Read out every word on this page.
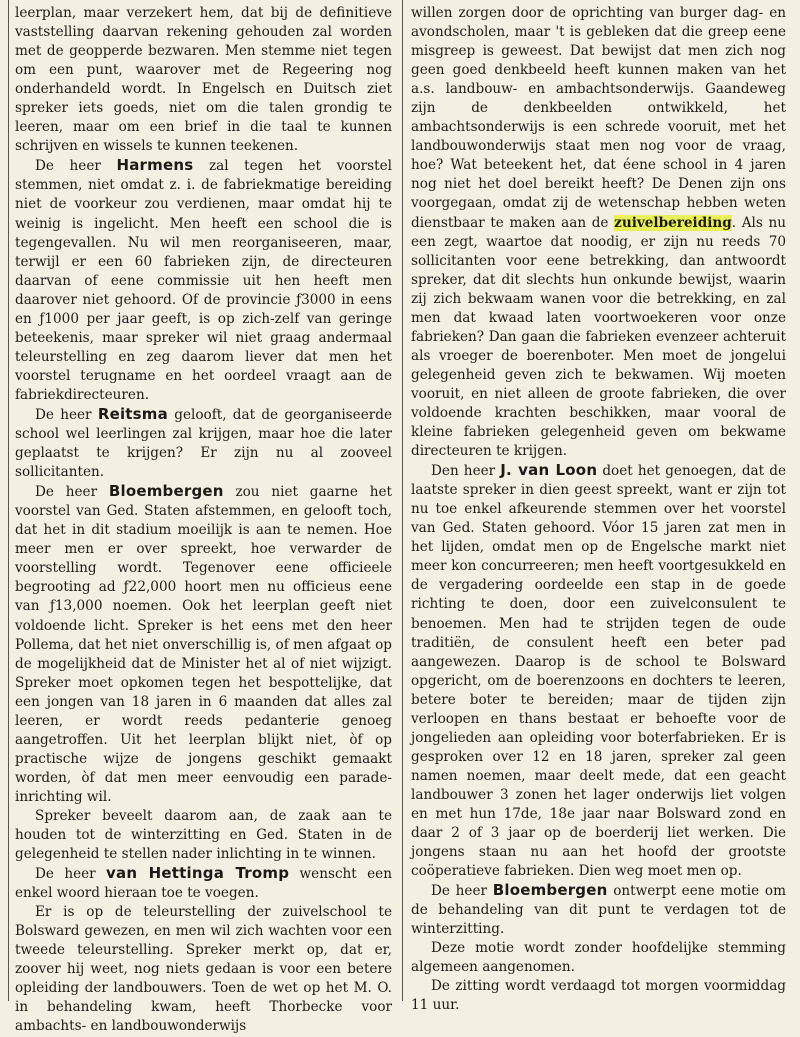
leerplan, maar verzekert hem, dat bij de definitieve vaststelling daarvan rekening gehouden zal worden met de geopperde bezwaren. Men stemme niet tegen om een punt, waarover met de Regeering nog onderhandeld wordt. In Engelsch en Duitsch ziet spreker iets goeds, niet om die talen grondig te leeren, maar om een brief in die taal te kunnen schrijven en wissels te kunnen teekenen.

De heer Harmens zal tegen het voorstel stemmen, niet omdat z. i. de fabriekmatige bereiding niet de voorkeur zou verdienen, maar omdat hij te weinig is ingelicht. Men heeft een school die is tegengevallen. Nu wil men reorganiseeren, maar, terwijl er een 60 fabrieken zijn, de directeuren daarvan of eene commissie uit hen heeft men daarover niet gehoord. Of de provincie ƒ3000 in eens en ƒ1000 per jaar geeft, is op zich-zelf van geringe beteekenis, maar spreker wil niet graag andermaal teleurstelling en zeg daarom liever dat men het voorstel terugname en het oordeel vraagt aan de fabriekdirecteuren.

De heer Reitsma gelooft, dat de georganiseerde school wel leerlingen zal krijgen, maar hoe die later geplaatst te krijgen? Er zijn nu al zooveel sollicitanten.

De heer Bloembergen zou niet gaarne het voorstel van Ged. Staten afstemmen, en gelooft toch, dat het in dit stadium moeilijk is aan te nemen. Hoe meer men er over spreekt, hoe verwarder de voorstelling wordt. Tegenover eene officieele begrooting ad ƒ22,000 hoort men nu officieus eene van ƒ13,000 noemen. Ook het leerplan geeft niet voldoende licht. Spreker is het eens met den heer Pollema, dat het niet onverschillig is, of men afgaat op de mogelijkheid dat de Minister het al of niet wijzigt. Spreker moet opkomen tegen het bespottelijke, dat een jongen van 18 jaren in 6 maanden dat alles zal leeren, er wordt reeds pedanterie genoeg aangetroffen. Uit het leerplan blijkt niet, òf op practische wijze de jongens geschikt gemaakt worden, òf dat men meer eenvoudig een parade-inrichting wil.

Spreker beveelt daarom aan, de zaak aan te houden tot de winterzitting en Ged. Staten in de gelegenheid te stellen nader inlichting in te winnen.

De heer van Hettinga Tromp wenscht een enkel woord hieraan toe te voegen.

Er is op de teleurstelling der zuivelschool te Bolsward gewezen, en men wil zich wachten voor een tweede teleurstelling. Spreker merkt op, dat er, zoover hij weet, nog niets gedaan is voor een betere opleiding der landbouwers. Toen de wet op het M. O. in behandeling kwam, heeft Thorbecke voor ambachts- en landbouwonderwijs

willen zorgen door de oprichting van burger dag- en avondscholen, maar 't is gebleken dat die greep eene misgreep is geweest. Dat bewijst dat men zich nog geen goed denkbeeld heeft kunnen maken van het a.s. landbouw- en ambachtsonderwijs. Gaandeweg zijn de denkbeelden ontwikkeld, het ambachtsonderwijs is een schrede vooruit, met het landbouwonderwijs staat men nog voor de vraag, hoe? Wat beteekent het, dat éene school in 4 jaren nog niet het doel bereikt heeft? De Denen zijn ons voorgegaan, omdat zij de wetenschap hebben weten dienstbaar te maken aan de zuivelbereiding. Als nu een zegt, waartoe dat noodig, er zijn nu reeds 70 sollicitanten voor eene betrekking, dan antwoordt spreker, dat dit slechts hun onkunde bewijst, waarin zij zich bekwaam wanen voor die betrekking, en zal men dat kwaad laten voortwoekeren voor onze fabrieken? Dan gaan die fabrieken evenzeer achteruit als vroeger de boerenboter. Men moet de jongelui gelegenheid geven zich te bekwamen. Wij moeten vooruit, en niet alleen de groote fabrieken, die over voldoende krachten beschikken, maar vooral de kleine fabrieken gelegenheid geven om bekwame directeuren te krijgen.

Den heer J. van Loon doet het genoegen, dat de laatste spreker in dien geest spreekt, want er zijn tot nu toe enkel afkeurende stemmen over het voorstel van Ged. Staten gehoord. Vóor 15 jaren zat men in het lijden, omdat men op de Engelsche markt niet meer kon concurreeren; men heeft voortgesukkeld en de vergadering oordeelde een stap in de goede richting te doen, door een zuivelconsulent te benoemen. Men had te strijden tegen de oude traditiën, de consulent heeft een beter pad aangewezen. Daarop is de school te Bolsward opgericht, om de boerenzoons en dochters te leeren, betere boter te bereiden; maar de tijden zijn verloopen en thans bestaat er behoefte voor de jongelieden aan opleiding voor boterfabrieken. Er is gesproken over 12 en 18 jaren, spreker zal geen namen noemen, maar deelt mede, dat een geacht landbouwer 3 zonen het lager onderwijs liet volgen en met hun 17de, 18e jaar naar Bolsward zond en daar 2 of 3 jaar op de boerderij liet werken. Die jongens staan nu aan het hoofd der grootste coöperatieve fabrieken. Dien weg moet men op.

De heer Bloembergen ontwerpt eene motie om de behandeling van dit punt te verdagen tot de winterzitting.

Deze motie wordt zonder hoofdelijke stemming algemeen aangenomen.

De zitting wordt verdaagd tot morgen voormiddag 11 uur.
